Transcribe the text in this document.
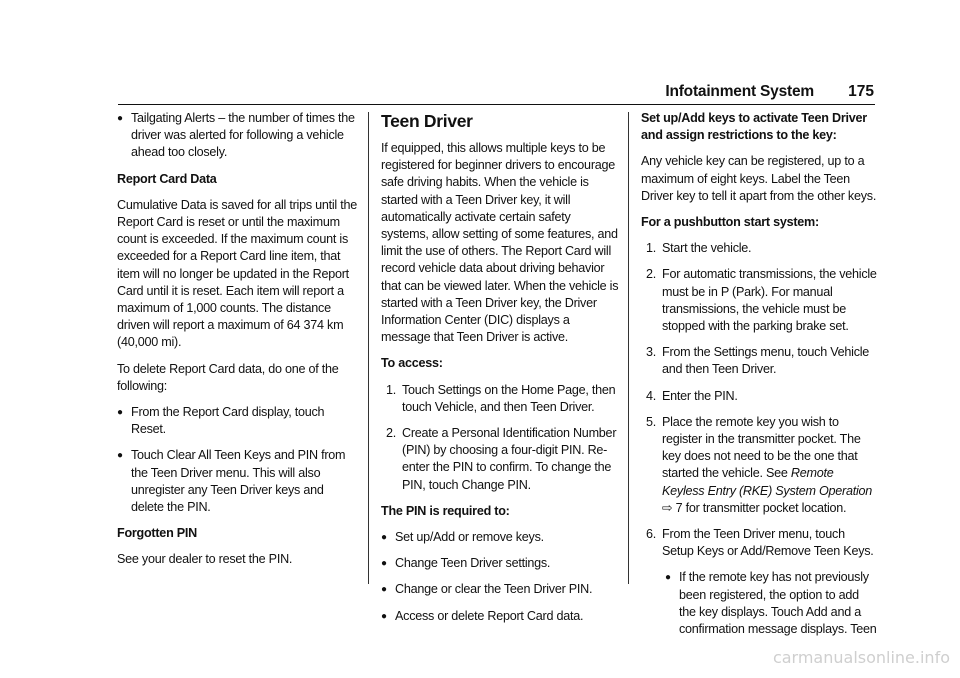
Infotainment System 175
● Tailgating Alerts – the number of times the driver was alerted for following a vehicle ahead too closely.

Report Card Data

Cumulative Data is saved for all trips until the Report Card is reset or until the maximum count is exceeded. If the maximum count is exceeded for a Report Card line item, that item will no longer be updated in the Report Card until it is reset. Each item will report a maximum of 1,000 counts. The distance driven will report a maximum of 64 374 km (40,000 mi).

To delete Report Card data, do one of the following:

● From the Report Card display, touch Reset.
● Touch Clear All Teen Keys and PIN from the Teen Driver menu. This will also unregister any Teen Driver keys and delete the PIN.

Forgotten PIN

See your dealer to reset the PIN.

Teen Driver

If equipped, this allows multiple keys to be registered for beginner drivers to encourage safe driving habits. When the vehicle is started with a Teen Driver key, it will automatically activate certain safety systems, allow setting of some features, and limit the use of others. The Report Card will record vehicle data about driving behavior that can be viewed later. When the vehicle is started with a Teen Driver key, the Driver Information Center (DIC) displays a message that Teen Driver is active.

To access:

1. Touch Settings on the Home Page, then touch Vehicle, and then Teen Driver.
2. Create a Personal Identification Number (PIN) by choosing a four-digit PIN. Re-enter the PIN to confirm. To change the PIN, touch Change PIN.

The PIN is required to:

● Set up/Add or remove keys.
● Change Teen Driver settings.
● Change or clear the Teen Driver PIN.
● Access or delete Report Card data.

Set up/Add keys to activate Teen Driver and assign restrictions to the key:

Any vehicle key can be registered, up to a maximum of eight keys. Label the Teen Driver key to tell it apart from the other keys.

For a pushbutton start system:

1. Start the vehicle.
2. For automatic transmissions, the vehicle must be in P (Park). For manual transmissions, the vehicle must be stopped with the parking brake set.
3. From the Settings menu, touch Vehicle and then Teen Driver.
4. Enter the PIN.
5. Place the remote key you wish to register in the transmitter pocket. The key does not need to be the one that started the vehicle. See Remote Keyless Entry (RKE) System Operation ⇨ 7 for transmitter pocket location.
6. From the Teen Driver menu, touch Setup Keys or Add/Remove Teen Keys.
● If the remote key has not previously been registered, the option to add the key displays. Touch Add and a confirmation message displays. Teen
carmanualsonline.info
